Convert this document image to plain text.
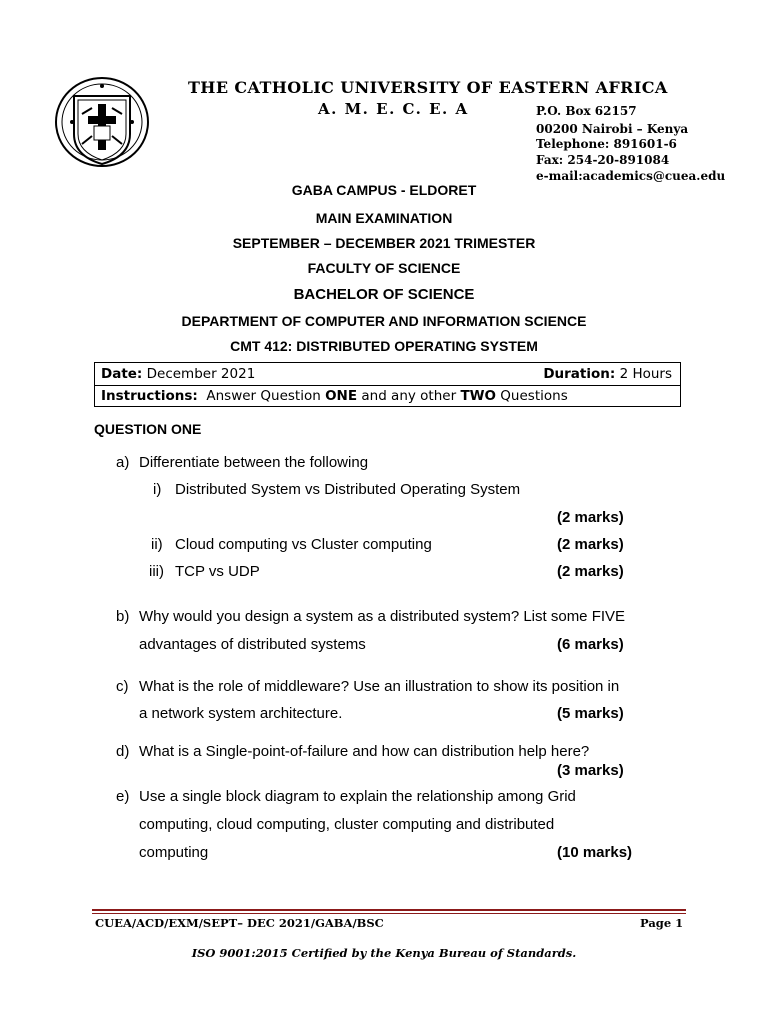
THE CATHOLIC UNIVERSITY OF EASTERN AFRICA
A. M. E. C. E. A	P.O. Box 62157
00200 Nairobi – Kenya
Telephone: 891601-6
Fax: 254-20-891084
e-mail:academics@cuea.edu
GABA CAMPUS - ELDORET
MAIN EXAMINATION
SEPTEMBER – DECEMBER 2021 TRIMESTER
FACULTY OF SCIENCE
BACHELOR OF SCIENCE
DEPARTMENT OF COMPUTER AND INFORMATION SCIENCE
CMT 412: DISTRIBUTED OPERATING SYSTEM
Date: December 2021	Duration: 2 Hours
Instructions: Answer Question ONE and any other TWO Questions
QUESTION ONE
a) Differentiate between the following
i) Distributed System vs Distributed Operating System
(2 marks)
ii) Cloud computing vs Cluster computing	(2 marks)
iii) TCP vs UDP	(2 marks)
b) Why would you design a system as a distributed system? List some FIVE
advantages of distributed systems	(6 marks)
c) What is the role of middleware? Use an illustration to show its position in
a network system architecture.	(5 marks)
d) What is a Single-point-of-failure and how can distribution help here?
(3 marks)
e) Use a single block diagram to explain the relationship among Grid
computing, cloud computing, cluster computing and distributed
computing	(10 marks)
CUEA/ACD/EXM/SEPT– DEC 2021/GABA/BSC	Page 1
ISO 9001:2015 Certified by the Kenya Bureau of Standards.
